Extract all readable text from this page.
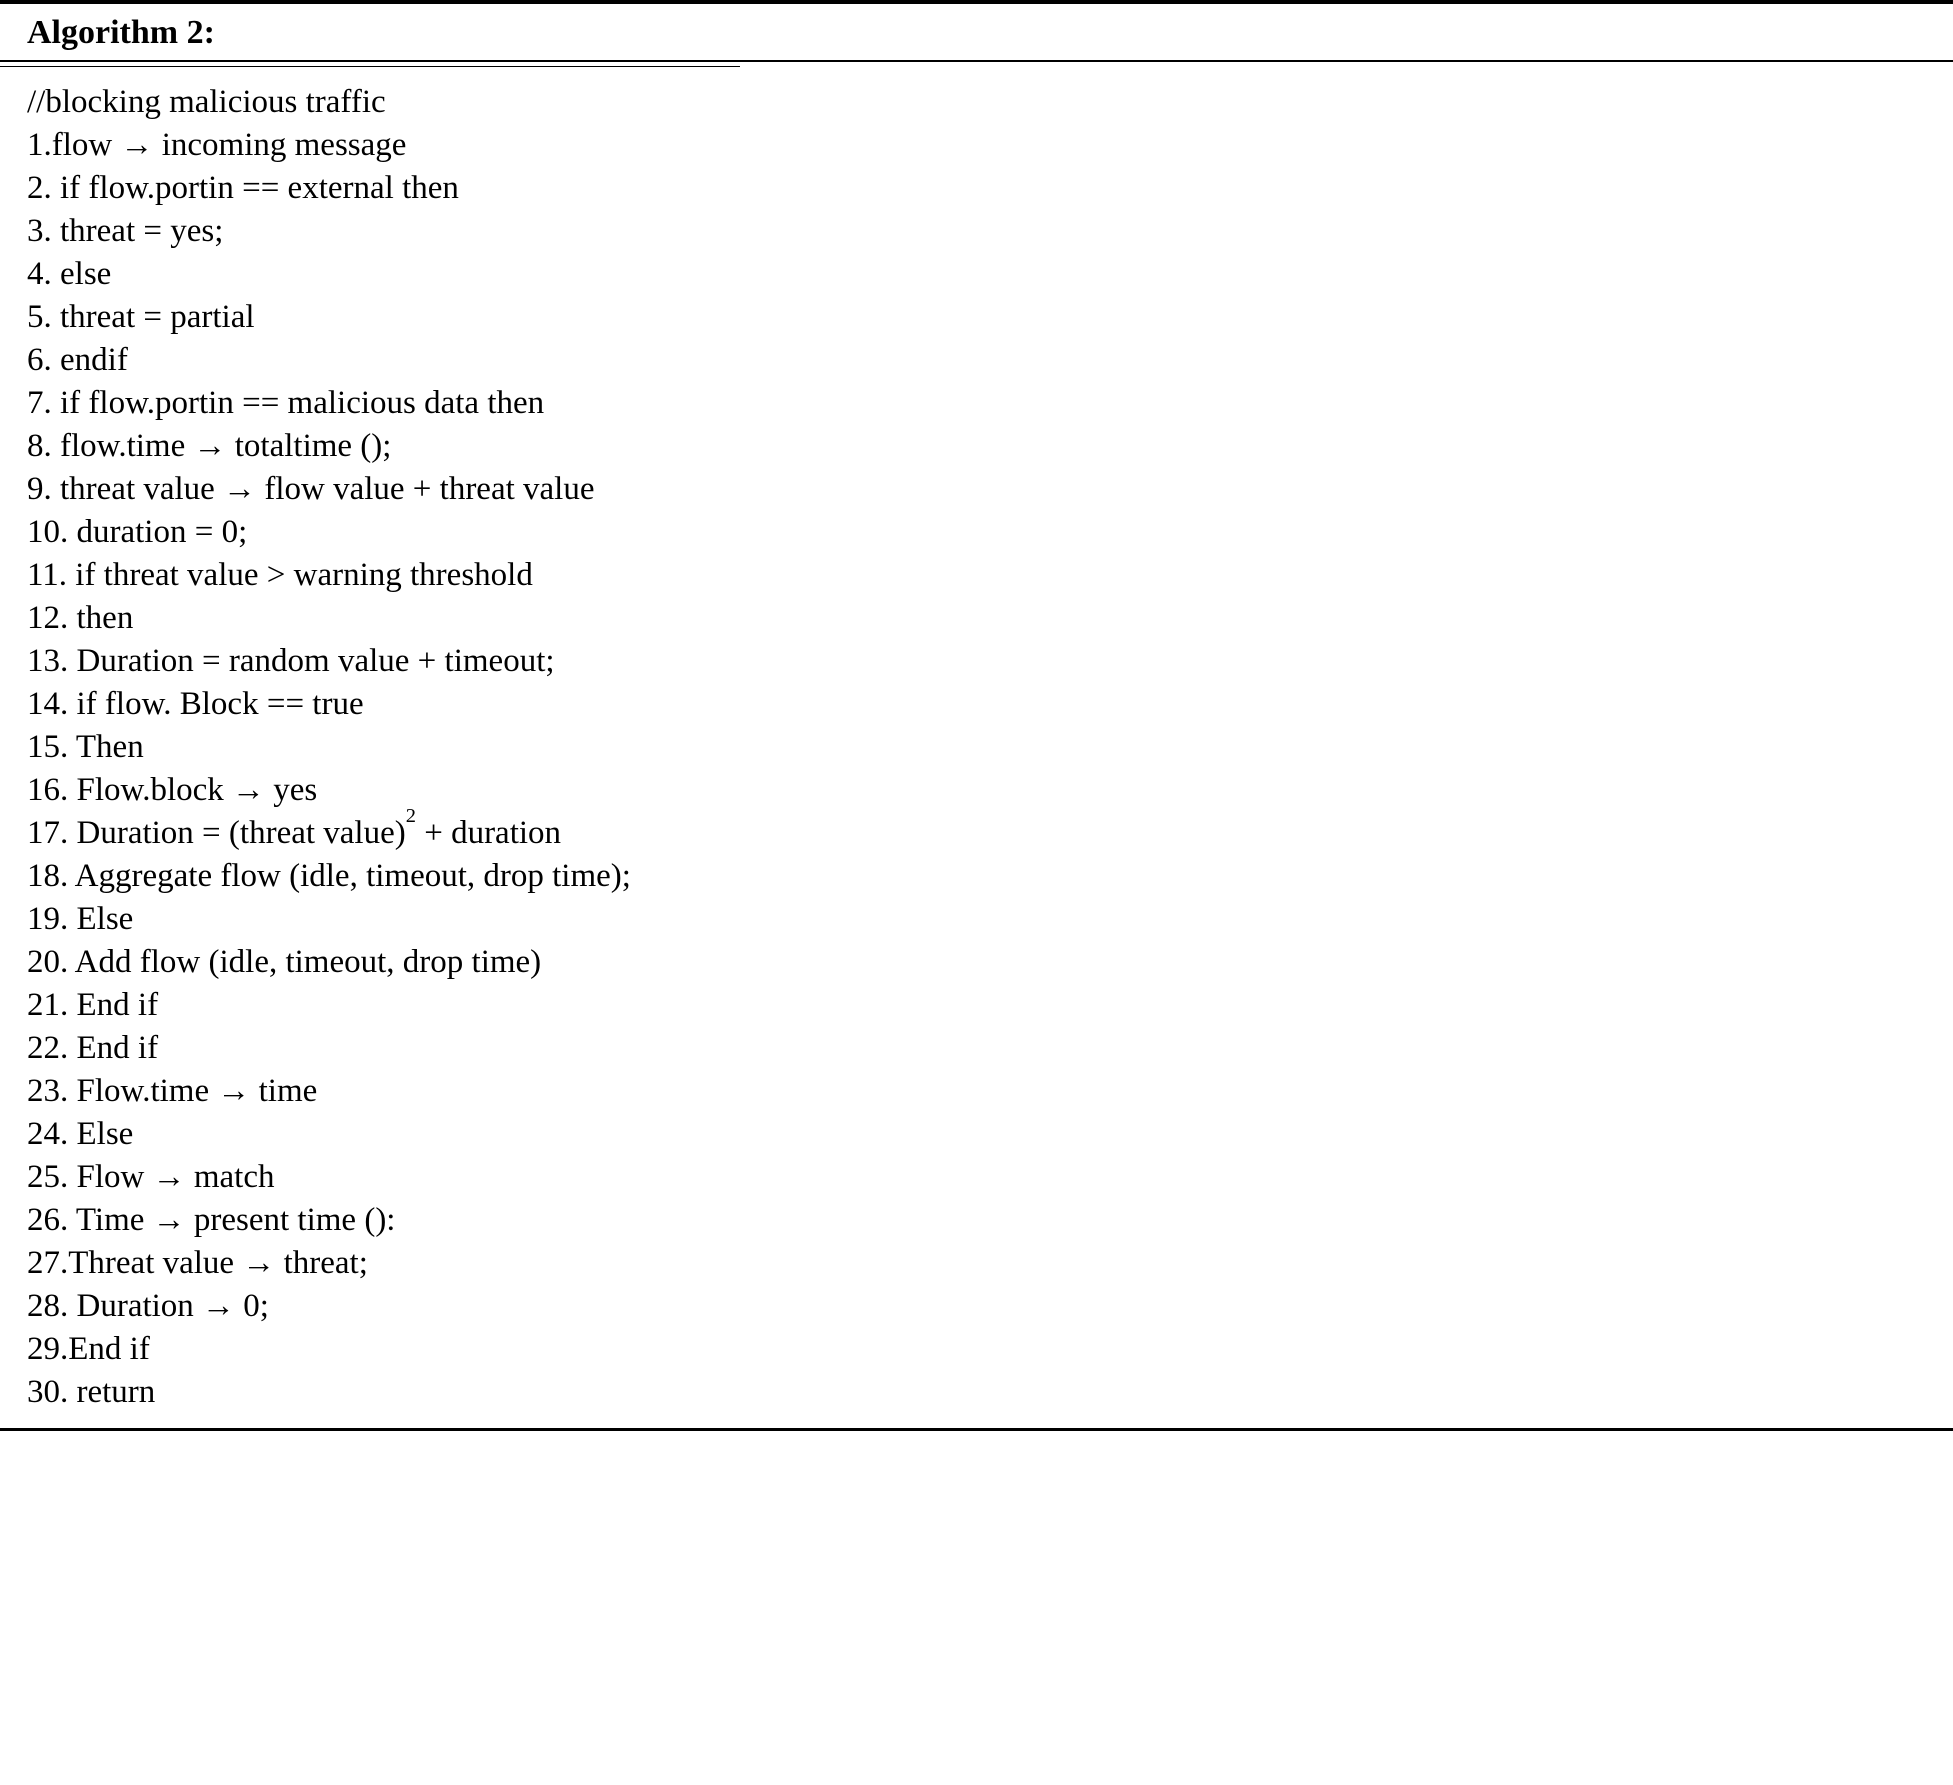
Algorithm 2:
//blocking malicious traffic
1.flow → incoming message
2. if flow.portin == external then
3. threat = yes;
4. else
5. threat = partial
6. endif
7. if flow.portin == malicious data then
8. flow.time → totaltime ();
9. threat value → flow value + threat value
10. duration = 0;
11. if threat value > warning threshold
12. then
13. Duration = random value + timeout;
14. if flow. Block == true
15. Then
16. Flow.block → yes
17. Duration = (threat value)$^2$ + duration
18. Aggregate flow (idle, timeout, drop time);
19. Else
20. Add flow (idle, timeout, drop time)
21. End if
22. End if
23. Flow.time → time
24. Else
25. Flow → match
26. Time → present time ():
27.Threat value → threat;
28. Duration → 0;
29.End if
30. return
